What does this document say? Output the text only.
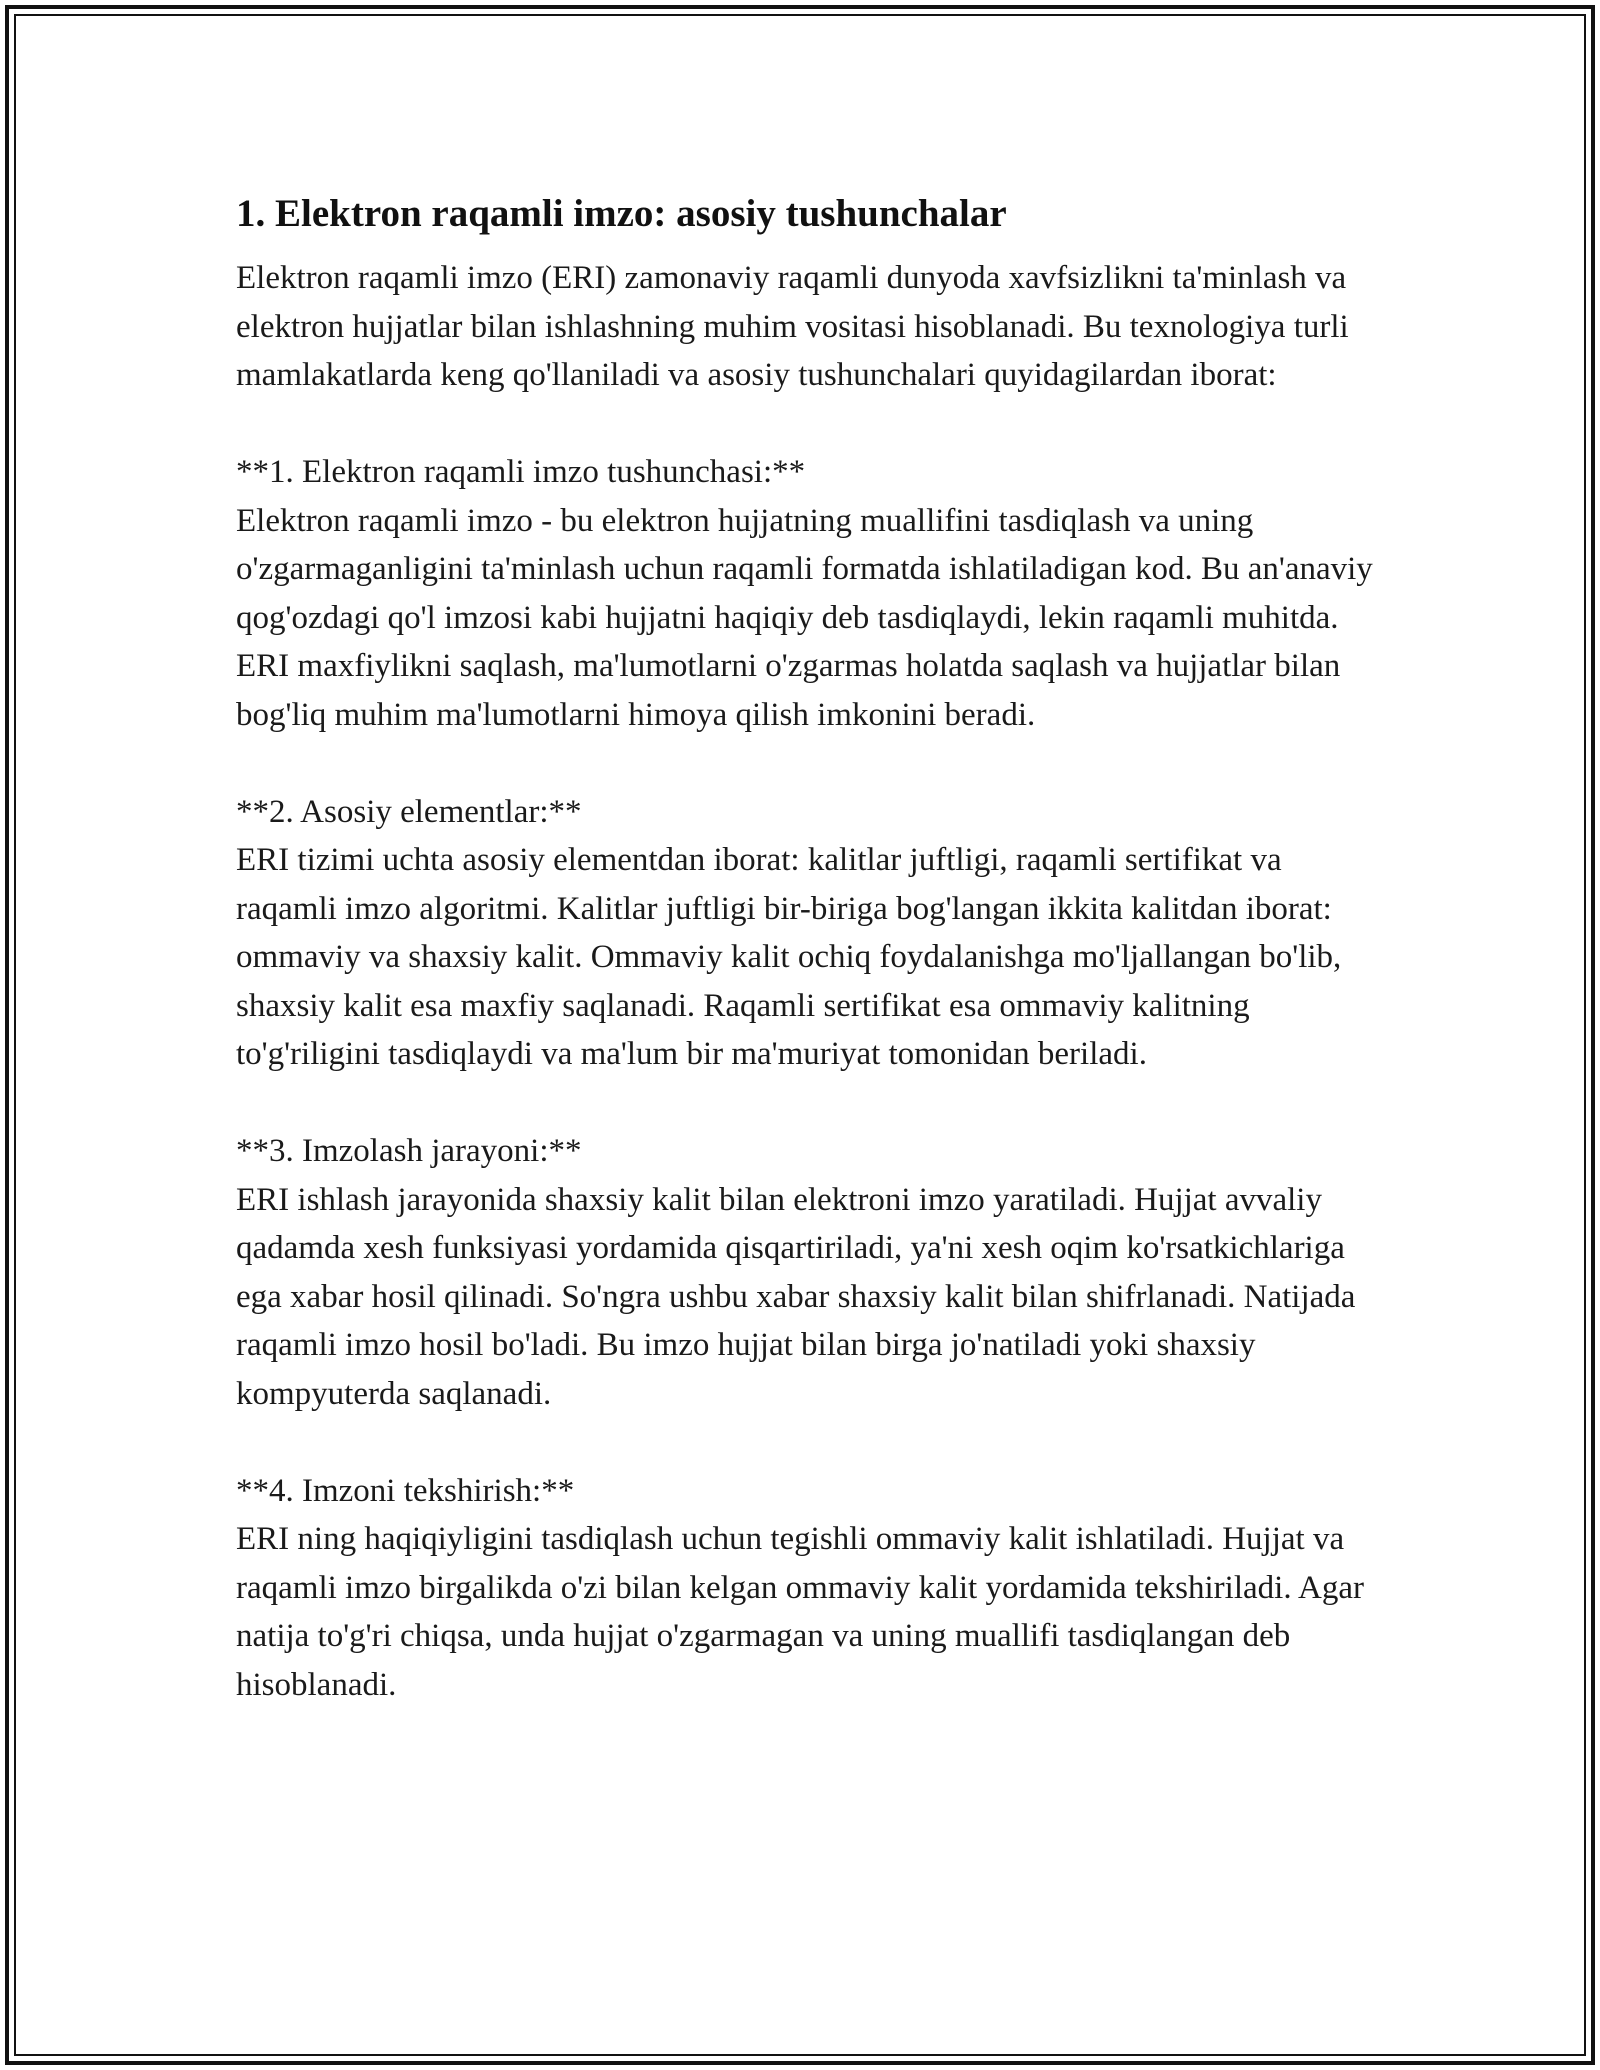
1. Elektron raqamli imzo: asosiy tushunchalar

Elektron raqamli imzo (ERI) zamonaviy raqamli dunyoda xavfsizlikni ta'minlash va elektron hujjatlar bilan ishlashning muhim vositasi hisoblanadi. Bu texnologiya turli mamlakatlarda keng qo'llaniladi va asosiy tushunchalari quyidagilardan iborat:

**1. Elektron raqamli imzo tushunchasi:**
Elektron raqamli imzo - bu elektron hujjatning muallifini tasdiqlash va uning o'zgarmaganligini ta'minlash uchun raqamli formatda ishlatiladigan kod. Bu an'anaviy qog'ozdagi qo'l imzosi kabi hujjatni haqiqiy deb tasdiqlaydi, lekin raqamli muhitda. ERI maxfiylikni saqlash, ma'lumotlarni o'zgarmas holatda saqlash va hujjatlar bilan bog'liq muhim ma'lumotlarni himoya qilish imkonini beradi.

**2. Asosiy elementlar:**
ERI tizimi uchta asosiy elementdan iborat: kalitlar juftligi, raqamli sertifikat va raqamli imzo algoritmi. Kalitlar juftligi bir-biriga bog'langan ikkita kalitdan iborat: ommaviy va shaxsiy kalit. Ommaviy kalit ochiq foydalanishga mo'ljallangan bo'lib, shaxsiy kalit esa maxfiy saqlanadi. Raqamli sertifikat esa ommaviy kalitning to'g'riligini tasdiqlaydi va ma'lum bir ma'muriyat tomonidan beriladi.

**3. Imzolash jarayoni:**
ERI ishlash jarayonida shaxsiy kalit bilan elektroni imzo yaratiladi. Hujjat avvaliy qadamda xesh funksiyasi yordamida qisqartiriladi, ya'ni xesh oqim ko'rsatkichlariga ega xabar hosil qilinadi. So'ngra ushbu xabar shaxsiy kalit bilan shifrlanadi. Natijada raqamli imzo hosil bo'ladi. Bu imzo hujjat bilan birga jo'natiladi yoki shaxsiy kompyuterda saqlanadi.

**4. Imzoni tekshirish:**
ERI ning haqiqiyligini tasdiqlash uchun tegishli ommaviy kalit ishlatiladi. Hujjat va raqamli imzo birgalikda o'zi bilan kelgan ommaviy kalit yordamida tekshiriladi. Agar natija to'g'ri chiqsa, unda hujjat o'zgarmagan va uning muallifi tasdiqlangan deb hisoblanadi.
